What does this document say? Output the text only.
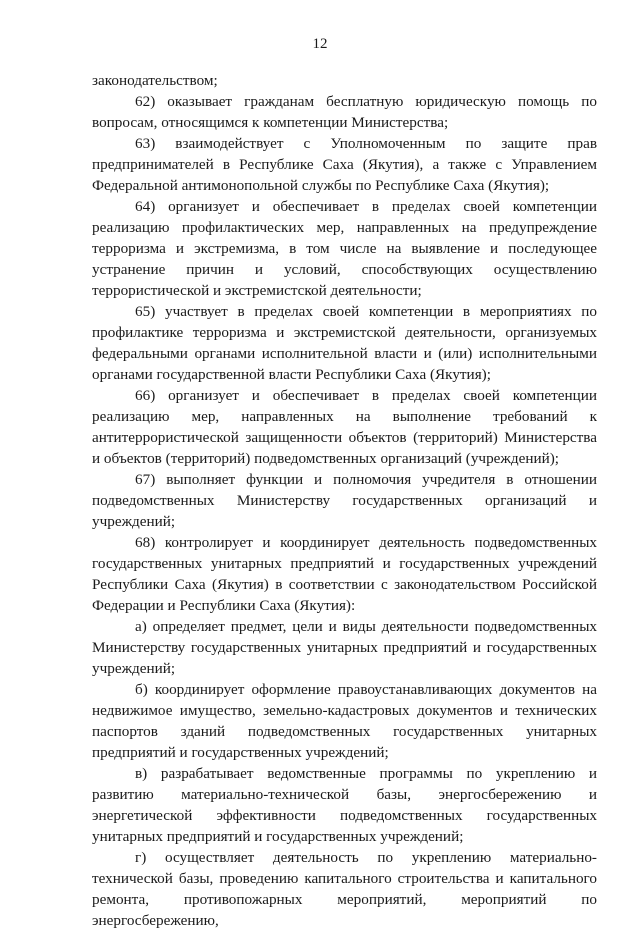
12

законодательством;

62) оказывает гражданам бесплатную юридическую помощь по вопросам, относящимся к компетенции Министерства;

63) взаимодействует с Уполномоченным по защите прав предпринимателей в Республике Саха (Якутия), а также с Управлением Федеральной антимонопольной службы по Республике Саха (Якутия);

64) организует и обеспечивает в пределах своей компетенции реализацию профилактических мер, направленных на предупреждение терроризма и экстремизма, в том числе на выявление и последующее устранение причин и условий, способствующих осуществлению террористической и экстремистской деятельности;

65) участвует в пределах своей компетенции в мероприятиях по профилактике терроризма и экстремистской деятельности, организуемых федеральными органами исполнительной власти и (или) исполнительными органами государственной власти Республики Саха (Якутия);

66) организует и обеспечивает в пределах своей компетенции реализацию мер, направленных на выполнение требований к антитеррористической защищенности объектов (территорий) Министерства и объектов (территорий) подведомственных организаций (учреждений);

67) выполняет функции и полномочия учредителя в отношении подведомственных Министерству государственных организаций и учреждений;

68) контролирует и координирует деятельность подведомственных государственных унитарных предприятий и государственных учреждений Республики Саха (Якутия) в соответствии с законодательством Российской Федерации и Республики Саха (Якутия):

а) определяет предмет, цели и виды деятельности подведомственных Министерству государственных унитарных предприятий и государственных учреждений;

б) координирует оформление правоустанавливающих документов на недвижимое имущество, земельно-кадастровых документов и технических паспортов зданий подведомственных государственных унитарных предприятий и государственных учреждений;

в) разрабатывает ведомственные программы по укреплению и развитию материально-технической базы, энергосбережению и энергетической эффективности подведомственных государственных унитарных предприятий и государственных учреждений;

г) осуществляет деятельность по укреплению материально-технической базы, проведению капитального строительства и капитального ремонта, противопожарных мероприятий, мероприятий по энергосбережению,
